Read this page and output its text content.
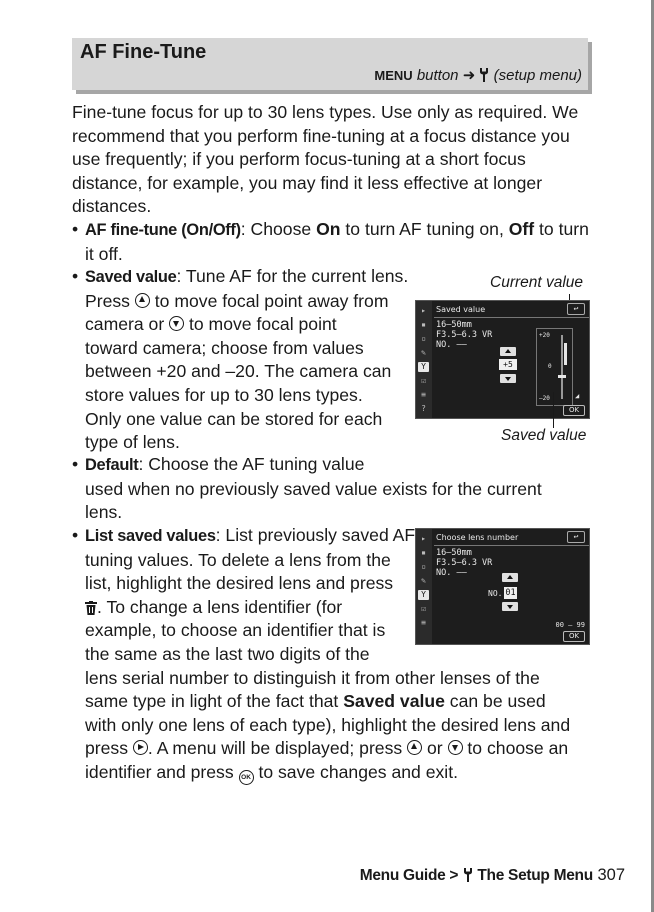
AF Fine-Tune
MENU button ➜ (setup menu)
Fine-tune focus for up to 30 lens types. Use only as required. We recommend that you perform fine-tuning at a focus distance you use frequently; if you perform focus-tuning at a short focus distance, for example, you may find it less effective at longer distances.
• AF fine-tune (On/Off): Choose On to turn AF tuning on, Off to turn it off.
• Saved value: Tune AF for the current lens.
Press to move focal point away from
camera or to move focal point
toward camera; choose from values
between +20 and –20. The camera can
store values for up to 30 lens types.
Only one value can be stored for each
type of lens.
Current value
▸
▪
▫
✎
Y
☑
≡
?
Saved value	↩
16–50mm
F3.5–6.3 VR
NO. ––
+5
+20
0
–20	◢
OK
Saved value
• Default: Choose the AF tuning value
used when no previously saved value exists for the current lens.
• List saved values: List previously saved AF
tuning values. To delete a lens from the
list, highlight the desired lens and press
. To change a lens identifier (for
example, to choose an identifier that is
the same as the last two digits of the
lens serial number to distinguish it from other lenses of the
same type in light of the fact that Saved value can be used
with only one lens of each type), highlight the desired lens and
press . A menu will be displayed; press or to choose an
identifier and press OK to save changes and exit.
▸
▪
▫
✎
Y
☑
≡
Choose lens number	↩
16–50mm
F3.5–6.3 VR
NO. ––
NO. 01
00 – 99
OK
Menu Guide > The Setup Menu 307
